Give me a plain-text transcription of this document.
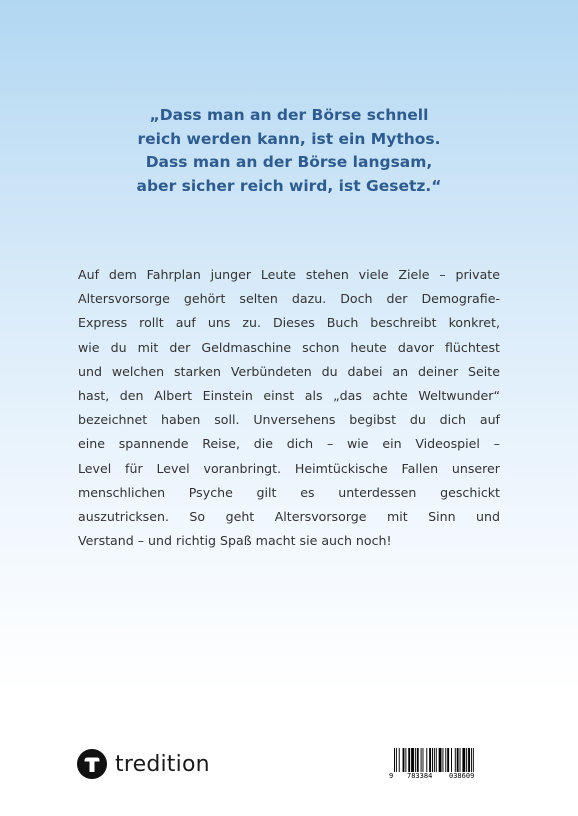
„Dass man an der Börse schnell
reich werden kann, ist ein Mythos.
Dass man an der Börse langsam,
aber sicher reich wird, ist Gesetz.“
Auf dem Fahrplan junger Leute stehen viele Ziele – private
Altersvorsorge gehört selten dazu. Doch der Demografie-
Express rollt auf uns zu. Dieses Buch beschreibt konkret,
wie du mit der Geldmaschine schon heute davor flüchtest
und welchen starken Verbündeten du dabei an deiner Seite
hast, den Albert Einstein einst als „das achte Weltwunder“
bezeichnet haben soll. Unversehens begibst du dich auf
eine spannende Reise, die dich – wie ein Videospiel –
Level für Level voranbringt. Heimtückische Fallen unserer
menschlichen Psyche gilt es unterdessen geschickt
auszutricksen. So geht Altersvorsorge mit Sinn und
Verstand – und richtig Spaß macht sie auch noch!
tredition	9 783384 038609
